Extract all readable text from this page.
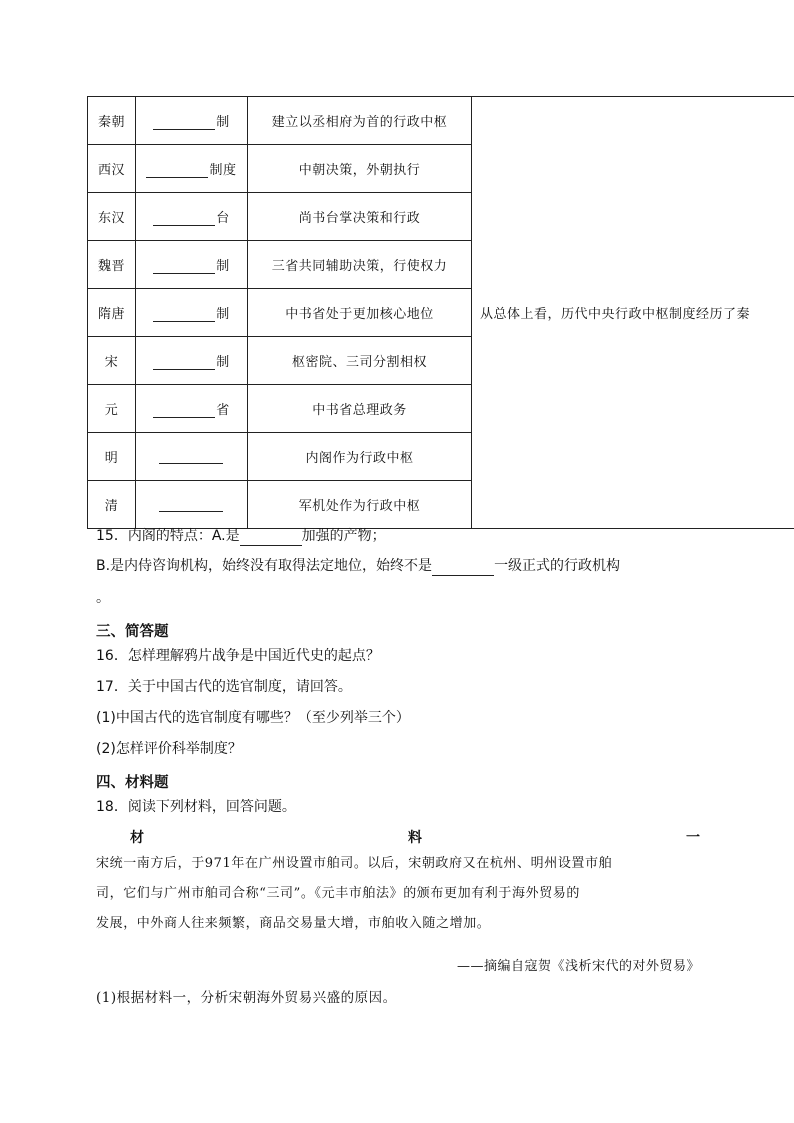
秦朝	制	建立以丞相府为首的行政中枢	从总体上看，历代中央行政中枢制度经历了秦
西汉	制度	中朝决策，外朝执行	
东汉	台	尚书台掌决策和行政	
魏晋	制	三省共同辅助决策，行使权力	
隋唐	制	中书省处于更加核心地位	
宋	制	枢密院、三司分割相权	
元	省	中书省总理政务	
明		内阁作为行政中枢	
清		军机处作为行政中枢	
15．内阁的特点：A.是	加强的产物；
B.是内侍咨询机构，始终没有取得法定地位，始终不是	一级正式的行政机构
。
三、简答题
16．怎样理解鸦片战争是中国近代史的起点？
17．关于中国古代的选官制度，请回答。
(1)中国古代的选官制度有哪些？（至少列举三个）
(2)怎样评价科举制度？
四、材料题
18．阅读下列材料，回答问题。
材	料	一
宋统一南方后，于971年在广州设置市舶司。以后，宋朝政府又在杭州、明州设置市舶
司，它们与广州市舶司合称“三司”。《元丰市舶法》的颁布更加有利于海外贸易的
发展，中外商人往来频繁，商品交易量大增，市舶收入随之增加。
——摘编自寇贺《浅析宋代的对外贸易》
(1)根据材料一，分析宋朝海外贸易兴盛的原因。
